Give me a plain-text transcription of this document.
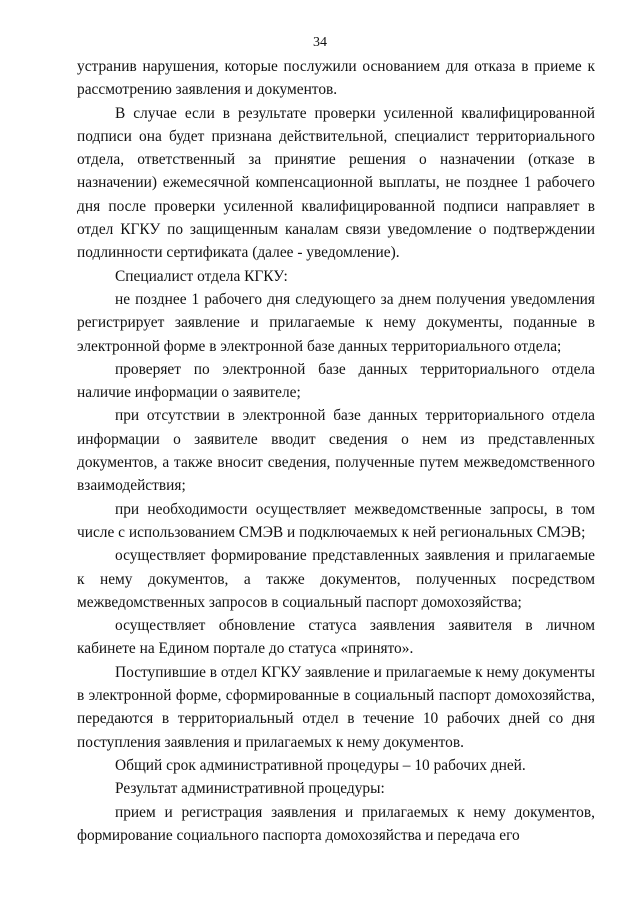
34

устранив нарушения, которые послужили основанием для отказа в приеме к рассмотрению заявления и документов.

В случае если в результате проверки усиленной квалифицированной подписи она будет признана действительной, специалист территориального отдела, ответственный за принятие решения о назначении (отказе в назначении) ежемесячной компенсационной выплаты, не позднее 1 рабочего дня после проверки усиленной квалифицированной подписи направляет в отдел КГКУ по защищенным каналам связи уведомление о подтверждении подлинности сертификата (далее - уведомление).

Специалист отдела КГКУ:

не позднее 1 рабочего дня следующего за днем получения уведомления регистрирует заявление и прилагаемые к нему документы, поданные в электронной форме в электронной базе данных территориального отдела;

проверяет по электронной базе данных территориального отдела наличие информации о заявителе;

при отсутствии в электронной базе данных территориального отдела информации о заявителе вводит сведения о нем из представленных документов, а также вносит сведения, полученные путем межведомственного взаимодействия;

при необходимости осуществляет межведомственные запросы, в том числе с использованием СМЭВ и подключаемых к ней региональных СМЭВ;

осуществляет формирование представленных заявления и прилагаемые к нему документов, а также документов, полученных посредством межведомственных запросов в социальный паспорт домохозяйства;

осуществляет обновление статуса заявления заявителя в личном кабинете на Едином портале до статуса «принято».

Поступившие в отдел КГКУ заявление и прилагаемые к нему документы в электронной форме, сформированные в социальный паспорт домохозяйства, передаются в территориальный отдел в течение 10 рабочих дней со дня поступления заявления и прилагаемых к нему документов.

Общий срок административной процедуры – 10 рабочих дней.

Результат административной процедуры:

прием и регистрация заявления и прилагаемых к нему документов, формирование социального паспорта домохозяйства и передача его
